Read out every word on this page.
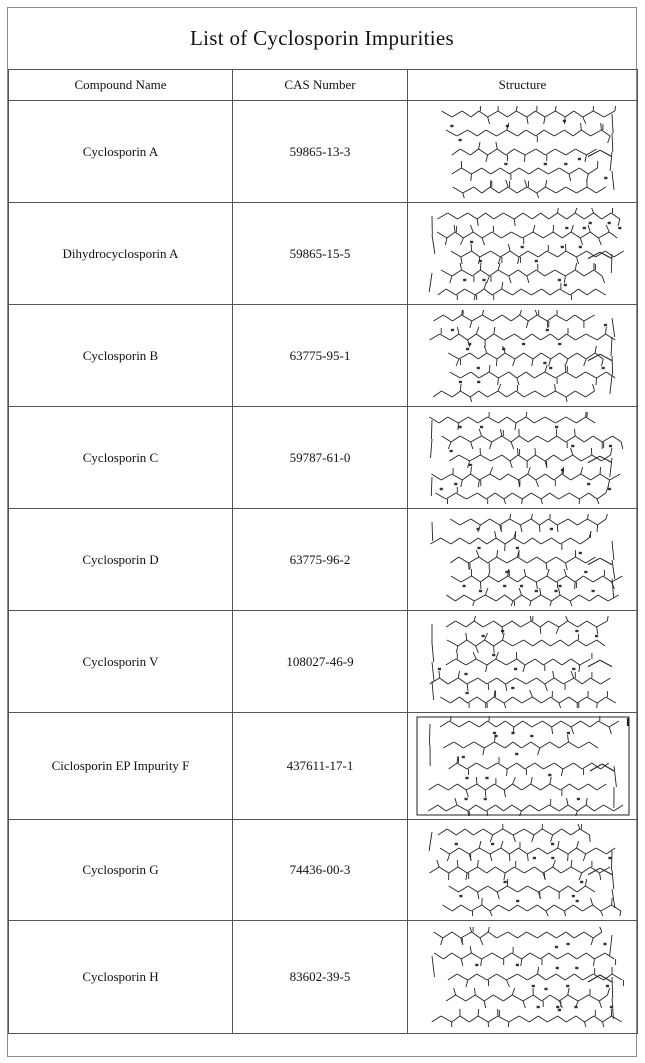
List of Cyclosporin Impurities
Compound Name	CAS Number	Structure
Cyclosporin A	59865-13-3	

Dihydrocyclosporin A	59865-15-5	

Cyclosporin B	63775-95-1	

Cyclosporin C	59787-61-0	

Cyclosporin D	63775-96-2	

Cyclosporin V	108027-46-9	

Ciclosporin EP Impurity F	437611-17-1	

Cyclosporin G	74436-00-3	

Cyclosporin H	83602-39-5	
